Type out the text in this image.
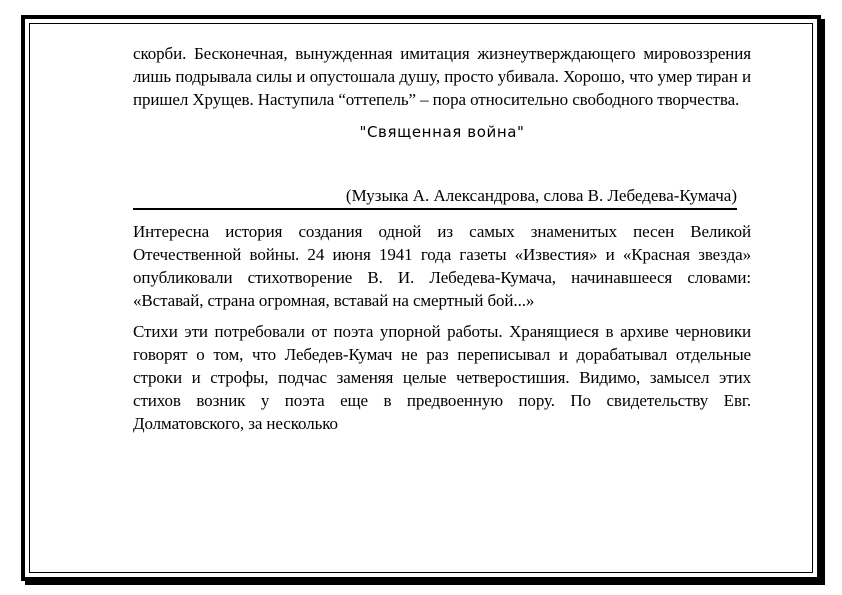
скорби. Бесконечная, вынужденная имитация жизнеутверждающего мировоззрения лишь подрывала силы и опустошала душу, просто убивала. Хорошо, что умер тиран и пришел Хрущев. Наступила “оттепель” – пора относительно свободного творчества.

"Священная война"
(Музыка А. Александрова, слова В. Лебедева-Кумача)

Интересна история создания одной из самых знаменитых песен Великой Отечественной войны. 24 июня 1941 года газеты «Известия» и «Красная звезда» опубликовали стихотворение В. И. Лебедева-Кумача, начинавшееся словами: «Вставай, страна огромная, вставай на смертный бой...»

Стихи эти потребовали от поэта упорной работы. Хранящиеся в архиве черновики говорят о том, что Лебедев-Кумач не раз переписывал и дорабатывал отдельные строки и строфы, подчас заменяя целые четверостишия. Видимо, замысел этих стихов возник у поэта еще в предвоенную пору. По свидетельству Евг. Долматовского, за несколько
